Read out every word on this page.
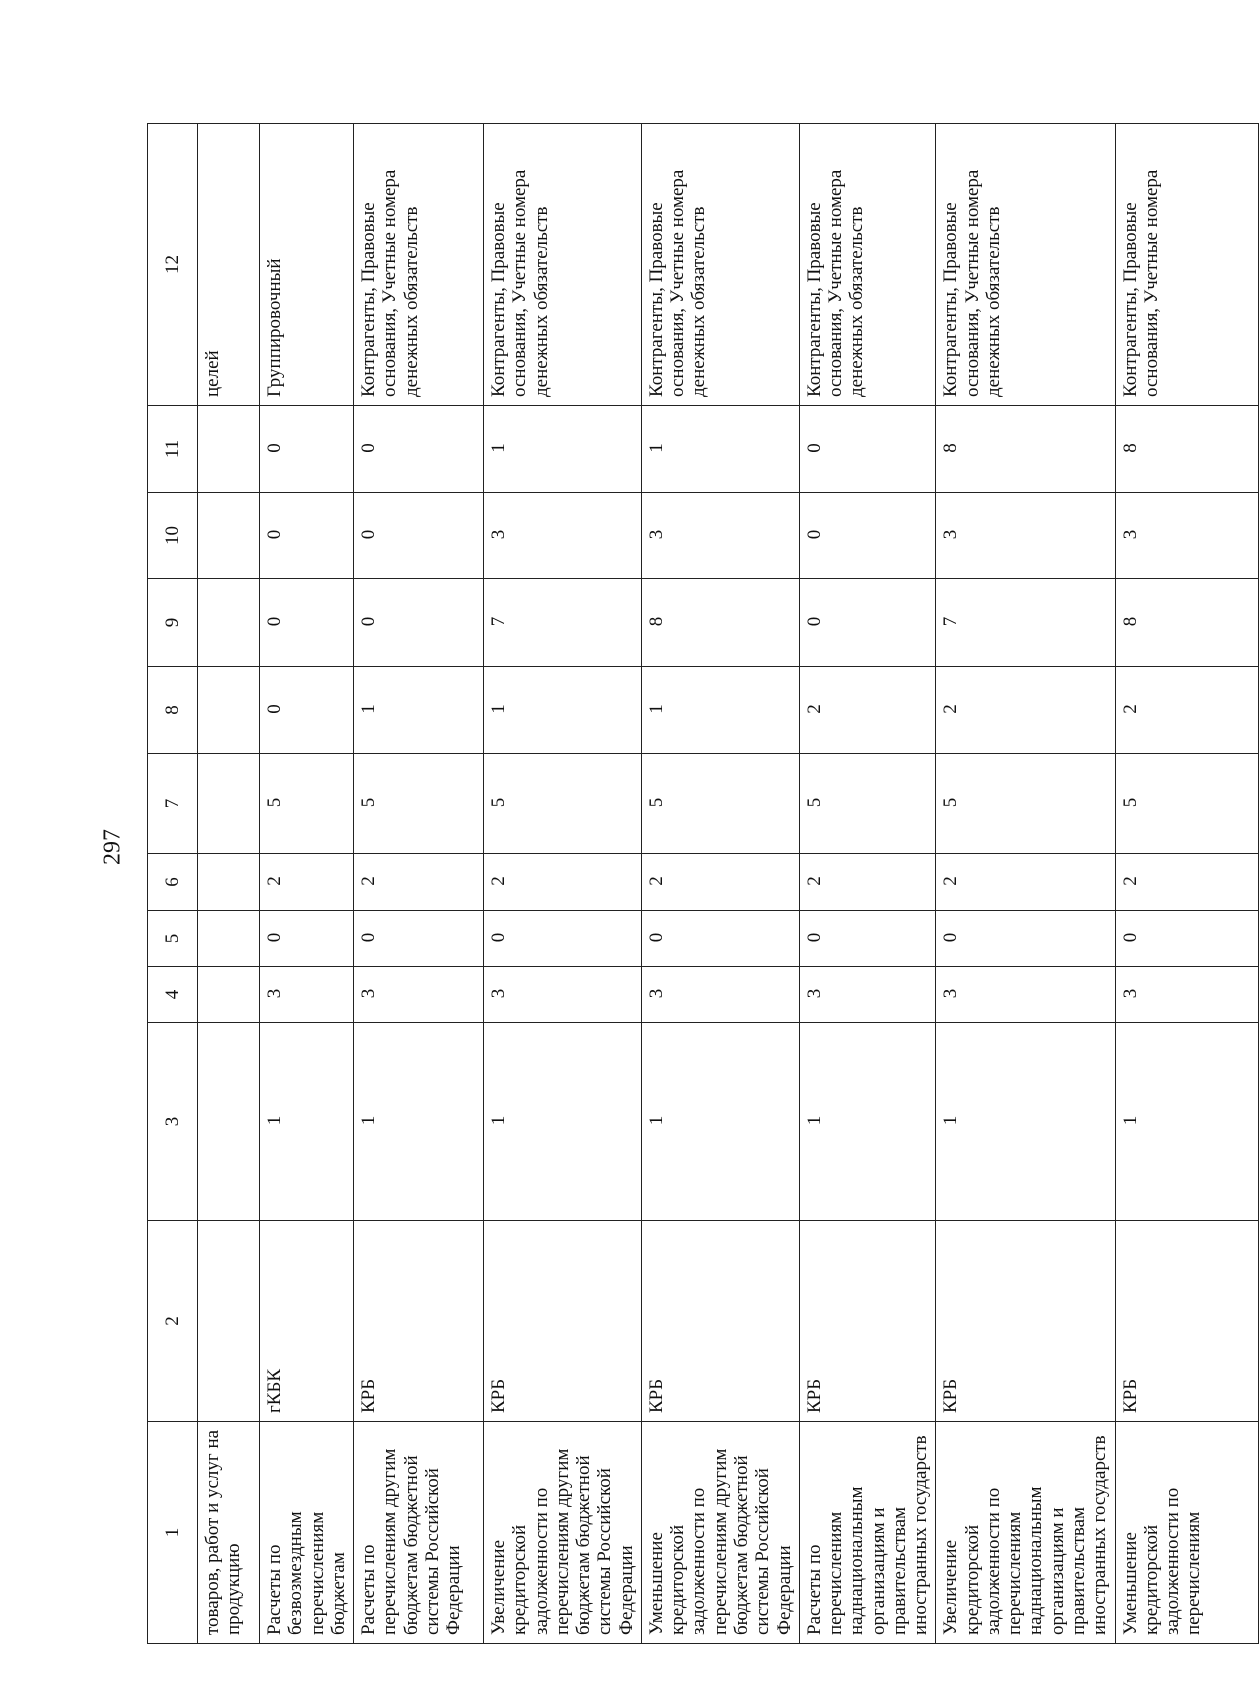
297
1	2	3	4	5	6	7	8	9	10	11	12
товаров, работ и услуг на продукцию											целей
Расчеты по безвозмездным перечислениям бюджетам	гКБК	1	3	0	2	5	0	0	0	0	Группировочный
Расчеты по перечислениям другим бюджетам бюджетной системы Российской Федерации	КРБ	1	3	0	2	5	1	0	0	0	Контрагенты, Правовые основания, Учетные номера денежных обязательств
Увеличение кредиторской задолженности по перечислениям другим бюджетам бюджетной системы Российской Федерации	КРБ	1	3	0	2	5	1	7	3	1	Контрагенты, Правовые основания, Учетные номера денежных обязательств
Уменьшение кредиторской задолженности по перечислениям другим бюджетам бюджетной системы Российской Федерации	КРБ	1	3	0	2	5	1	8	3	1	Контрагенты, Правовые основания, Учетные номера денежных обязательств
Расчеты по перечислениям наднациональным организациям и правительствам иностранных государств	КРБ	1	3	0	2	5	2	0	0	0	Контрагенты, Правовые основания, Учетные номера денежных обязательств
Увеличение кредиторской задолженности по перечислениям наднациональным организациям и правительствам иностранных государств	КРБ	1	3	0	2	5	2	7	3	8	Контрагенты, Правовые основания, Учетные номера денежных обязательств
Уменьшение кредиторской задолженности по перечислениям	КРБ	1	3	0	2	5	2	8	3	8	Контрагенты, Правовые основания, Учетные номера
